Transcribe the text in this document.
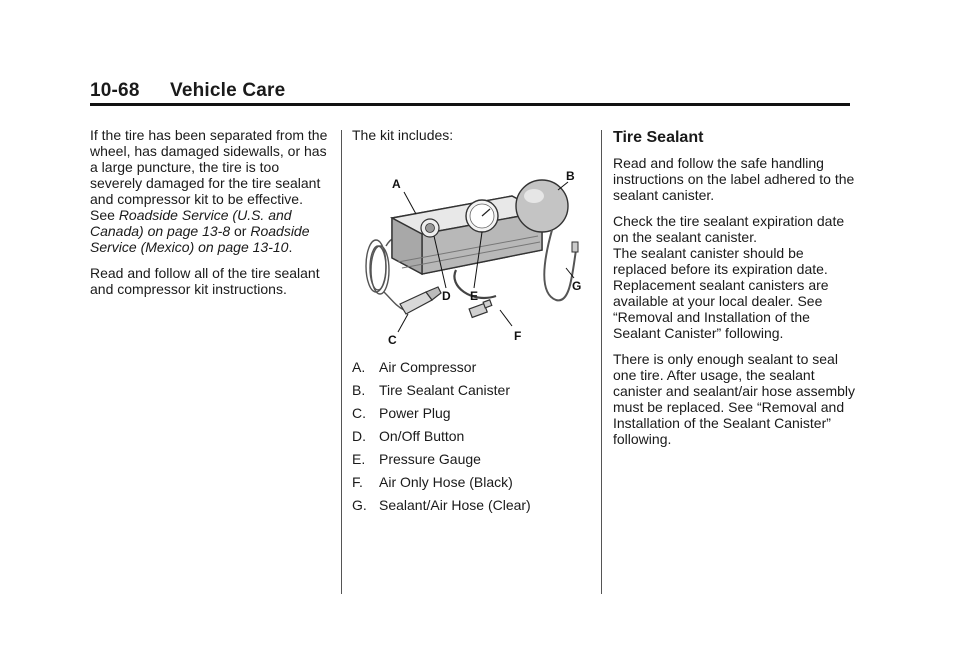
10-68 Vehicle Care

If the tire has been separated from the wheel, has damaged sidewalls, or has a large puncture, the tire is too severely damaged for the tire sealant and compressor kit to be effective. See Roadside Service (U.S. and Canada) on page 13-8 or Roadside Service (Mexico) on page 13-10.

Read and follow all of the tire sealant and compressor kit instructions.

The kit includes:

A
B
C
D E
F
G
A. Air Compressor
B. Tire Sealant Canister
C. Power Plug
D. On/Off Button
E. Pressure Gauge
F.	Air Only Hose (Black)
G. Sealant/Air Hose (Clear)
Tire Sealant

Read and follow the safe handling instructions on the label adhered to the sealant canister.

Check the tire sealant expiration date on the sealant canister.
The sealant canister should be replaced before its expiration date. Replacement sealant canisters are available at your local dealer. See “Removal and Installation of the Sealant Canister” following.

There is only enough sealant to seal one tire. After usage, the sealant canister and sealant/air hose assembly must be replaced. See “Removal and Installation of the Sealant Canister” following.
